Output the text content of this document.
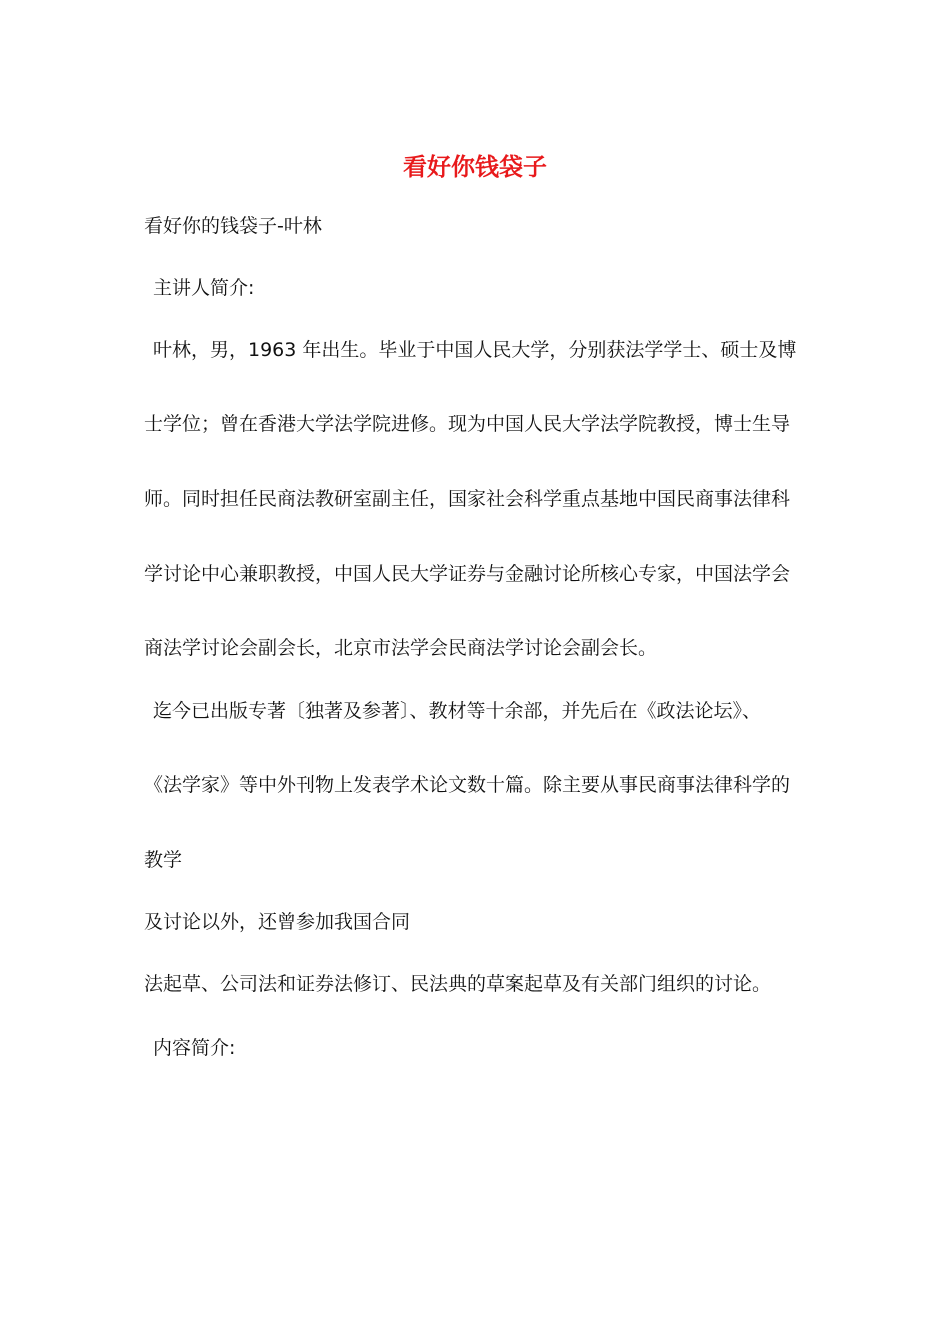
看好你钱袋子
看好你的钱袋子-叶林
主讲人简介:
叶林，男，1963 年出生。毕业于中国人民大学，分别获法学学士、硕士及博
士学位；曾在香港大学法学院进修。现为中国人民大学法学院教授，博士生导
师。同时担任民商法教研室副主任，国家社会科学重点基地中国民商事法律科
学讨论中心兼职教授，中国人民大学证券与金融讨论所核心专家，中国法学会
商法学讨论会副会长，北京市法学会民商法学讨论会副会长。
迄今已出版专著〔独著及参著〕、教材等十余部，并先后在《政法论坛》、
《法学家》等中外刊物上发表学术论文数十篇。除主要从事民商事法律科学的
教学
及讨论以外，还曾参加我国合同
法起草、公司法和证券法修订、民法典的草案起草及有关部门组织的讨论。
内容简介:
